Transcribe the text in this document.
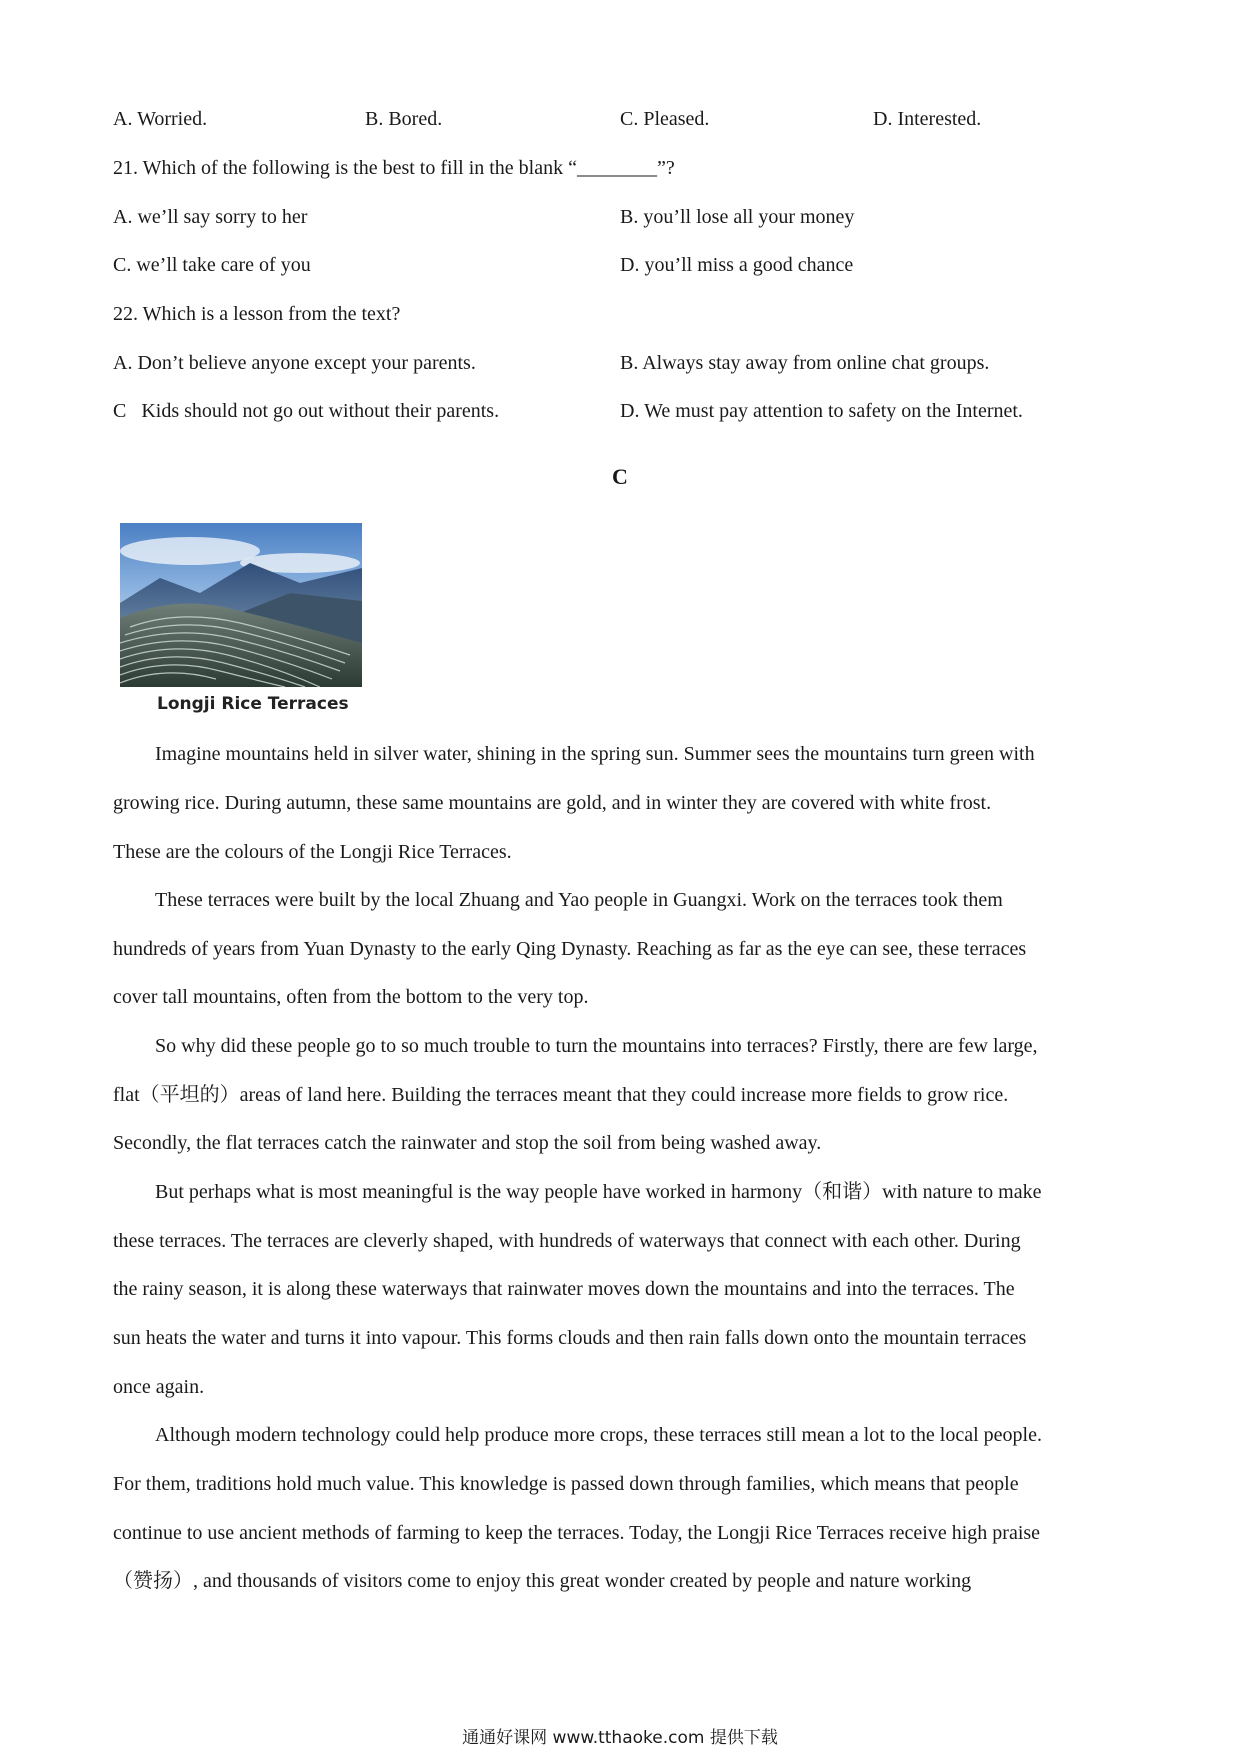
A. Worried.	B. Bored.	C. Pleased.	D. Interested.
21. Which of the following is the best to fill in the blank “________”?
A. we’ll say sorry to her	B. you’ll lose all your money
C. we’ll take care of you	D. you’ll miss a good chance
22. Which is a lesson from the text?
A. Don’t believe anyone except your parents.	B. Always stay away from online chat groups.
C   Kids should not go out without their parents.	D. We must pay attention to safety on the Internet.
C
Longji Rice Terraces
Imagine mountains held in silver water, shining in the spring sun. Summer sees the mountains turn green with
growing rice. During autumn, these same mountains are gold, and in winter they are covered with white frost.
These are the colours of the Longji Rice Terraces.
These terraces were built by the local Zhuang and Yao people in Guangxi. Work on the terraces took them
hundreds of years from Yuan Dynasty to the early Qing Dynasty. Reaching as far as the eye can see, these terraces
cover tall mountains, often from the bottom to the very top.
So why did these people go to so much trouble to turn the mountains into terraces? Firstly, there are few large,
flat（平坦的）areas of land here. Building the terraces meant that they could increase more fields to grow rice.
Secondly, the flat terraces catch the rainwater and stop the soil from being washed away.
But perhaps what is most meaningful is the way people have worked in harmony（和谐）with nature to make
these terraces. The terraces are cleverly shaped, with hundreds of waterways that connect with each other. During
the rainy season, it is along these waterways that rainwater moves down the mountains and into the terraces. The
sun heats the water and turns it into vapour. This forms clouds and then rain falls down onto the mountain terraces
once again.
Although modern technology could help produce more crops, these terraces still mean a lot to the local people.
For them, traditions hold much value. This knowledge is passed down through families, which means that people
continue to use ancient methods of farming to keep the terraces. Today, the Longji Rice Terraces receive high praise
（赞扬）, and thousands of visitors come to enjoy this great wonder created by people and nature working
通通好课网 www.tthaoke.com 提供下载
